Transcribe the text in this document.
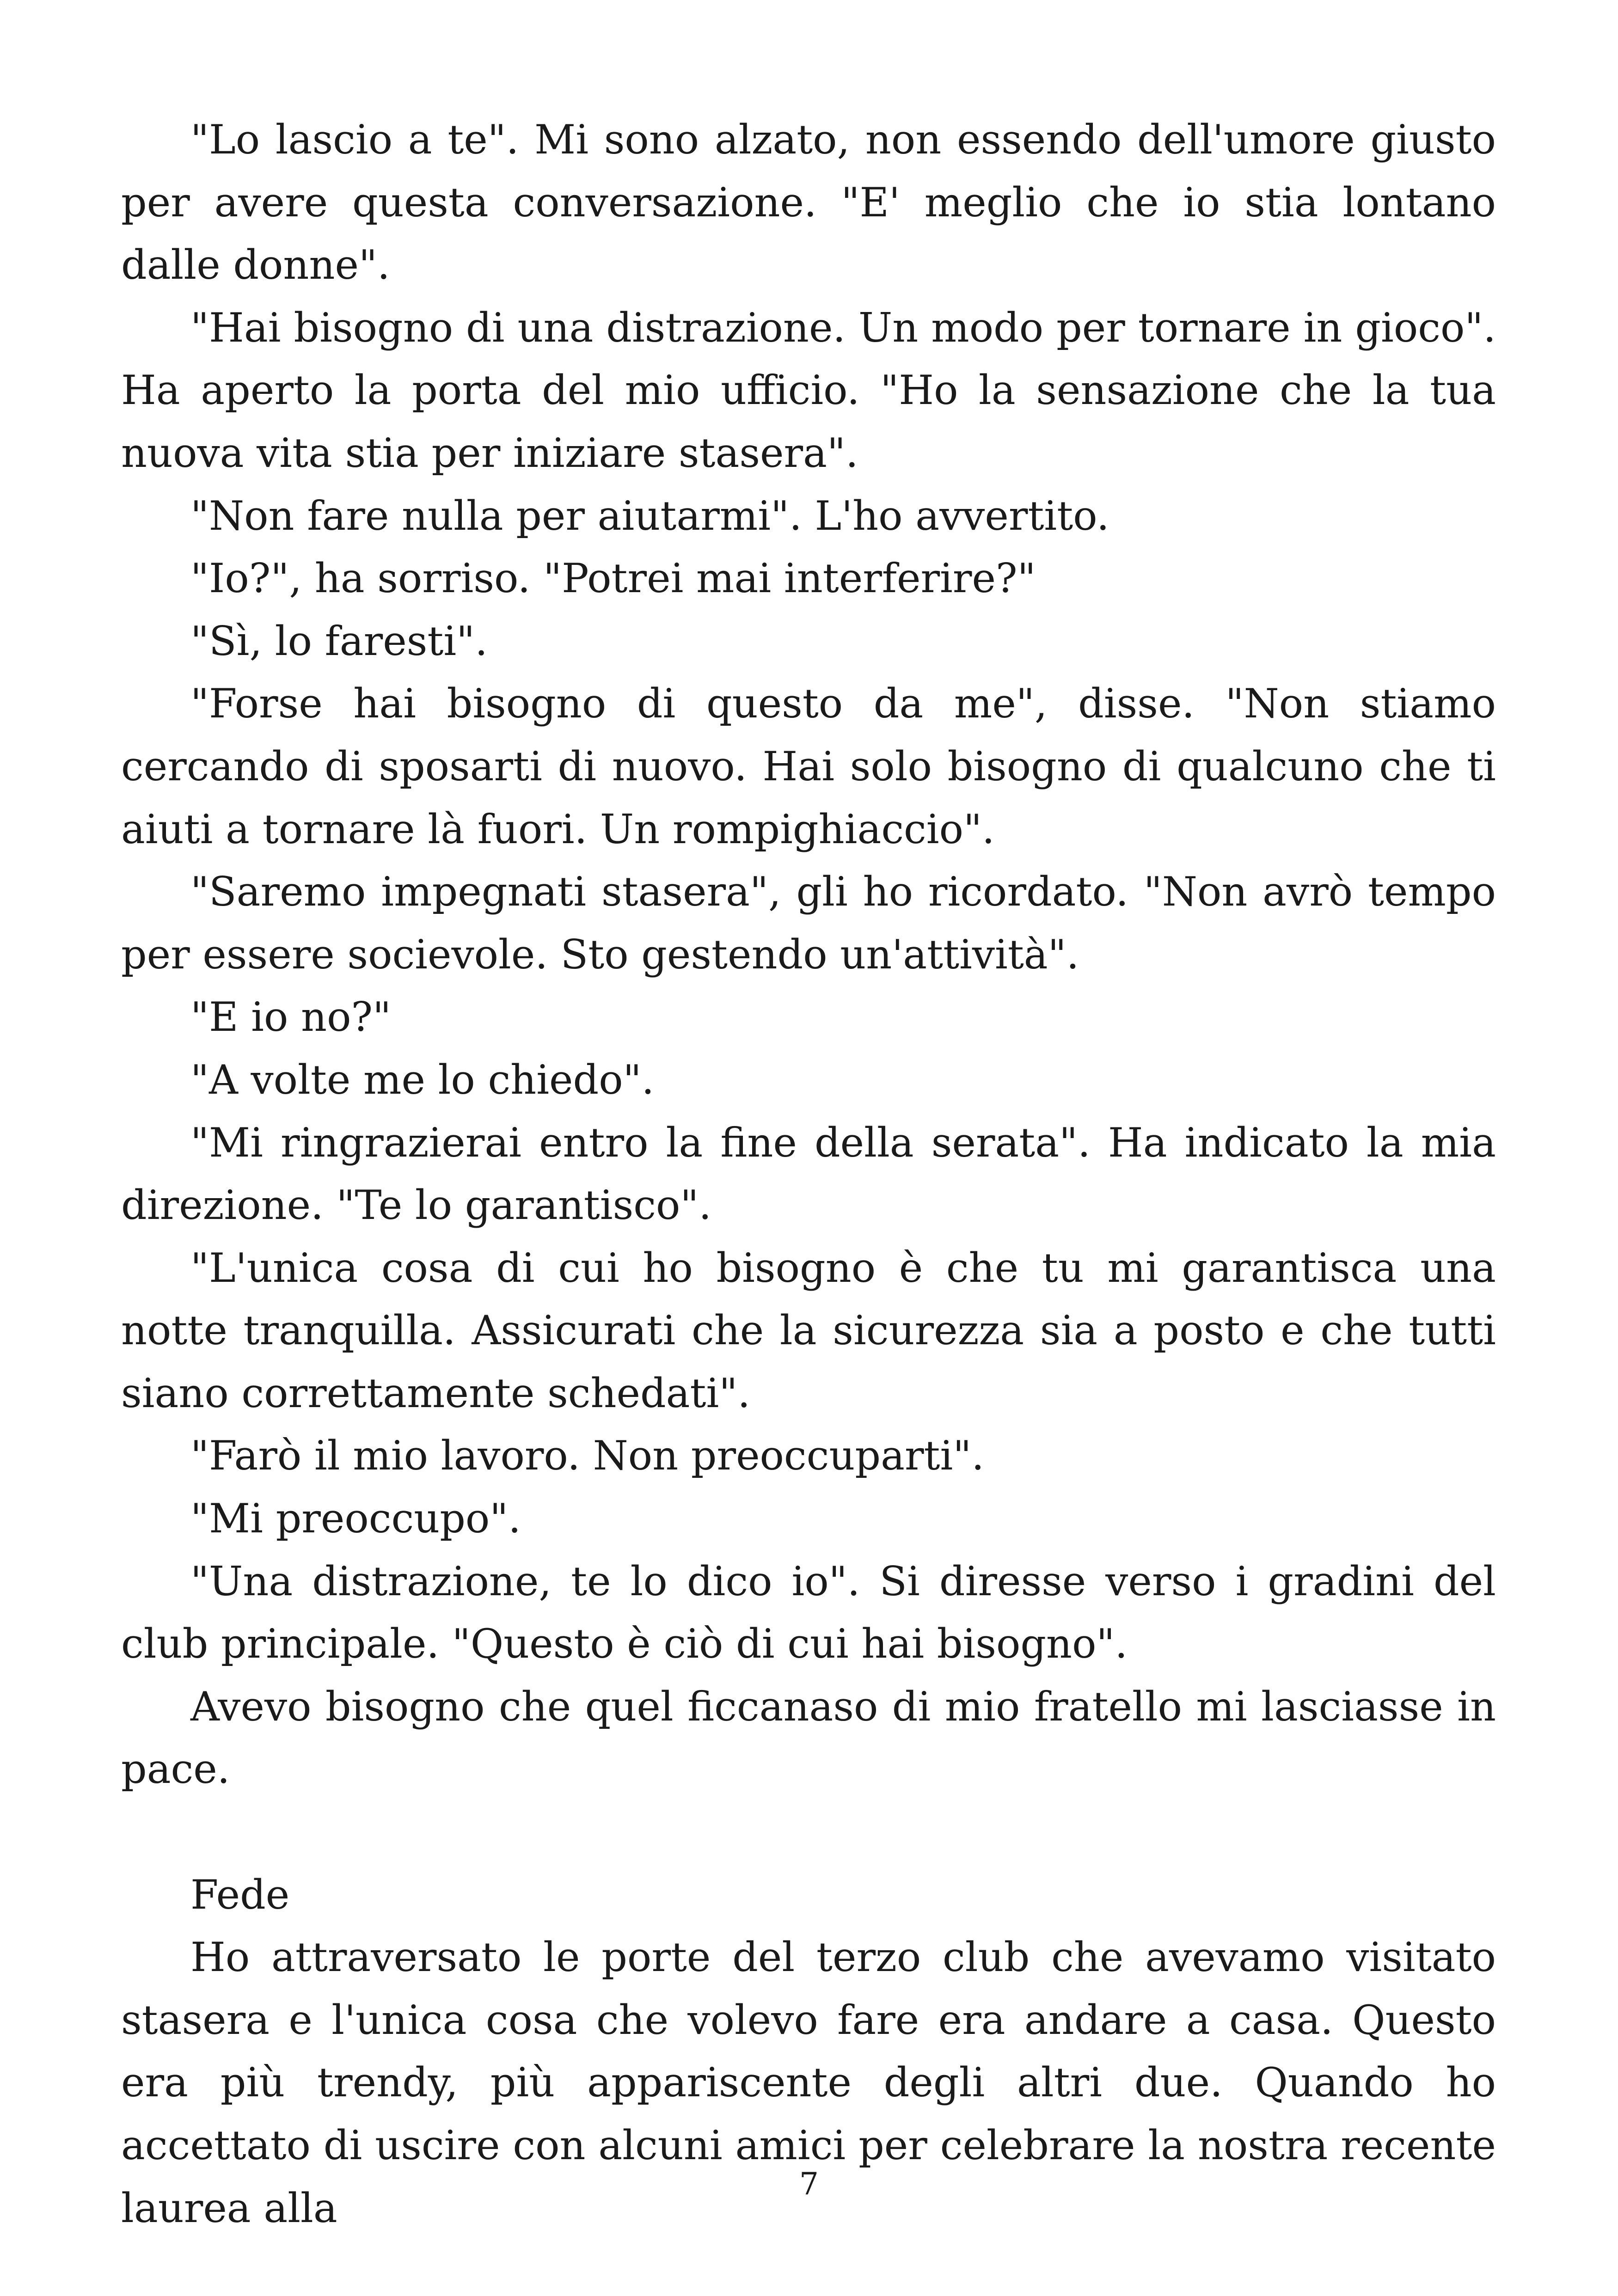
"Lo lascio a te". Mi sono alzato, non essendo dell'umore giusto per avere questa conversazione. "E' meglio che io stia lontano dalle donne".

"Hai bisogno di una distrazione. Un modo per tornare in gioco". Ha aperto la porta del mio ufficio. "Ho la sensazione che la tua nuova vita stia per iniziare stasera".

"Non fare nulla per aiutarmi". L'ho avvertito.

"Io?", ha sorriso. "Potrei mai interferire?"

"Sì, lo faresti".

"Forse hai bisogno di questo da me", disse. "Non stiamo cercando di sposarti di nuovo. Hai solo bisogno di qualcuno che ti aiuti a tornare là fuori. Un rompighiaccio".

"Saremo impegnati stasera", gli ho ricordato. "Non avrò tempo per essere socievole. Sto gestendo un'attività".

"E io no?"

"A volte me lo chiedo".

"Mi ringrazierai entro la fine della serata". Ha indicato la mia direzione. "Te lo garantisco".

"L'unica cosa di cui ho bisogno è che tu mi garantisca una notte tranquilla. Assicurati che la sicurezza sia a posto e che tutti siano correttamente schedati".

"Farò il mio lavoro. Non preoccuparti".

"Mi preoccupo".

"Una distrazione, te lo dico io". Si diresse verso i gradini del club principale. "Questo è ciò di cui hai bisogno".

Avevo bisogno che quel ficcanaso di mio fratello mi lasciasse in pace.

Fede

Ho attraversato le porte del terzo club che avevamo visitato stasera e l'unica cosa che volevo fare era andare a casa. Questo era più trendy, più appariscente degli altri due. Quando ho accettato di uscire con alcuni amici per celebrare la nostra recente laurea alla

7
